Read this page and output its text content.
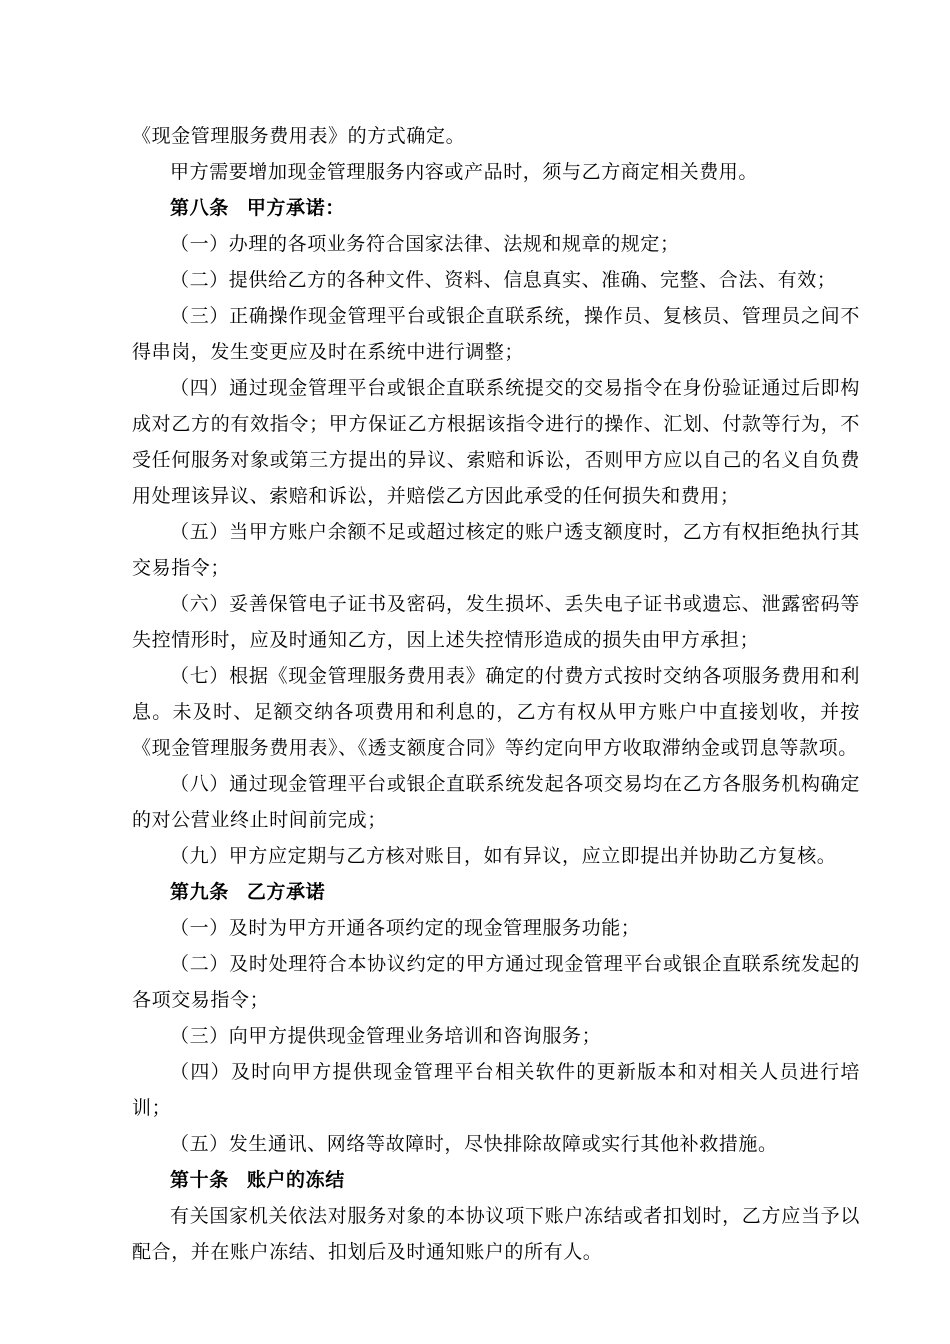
《现金管理服务费用表》的方式确定。

甲方需要增加现金管理服务内容或产品时，须与乙方商定相关费用。

第八条 甲方承诺：

（一）办理的各项业务符合国家法律、法规和规章的规定；

（二）提供给乙方的各种文件、资料、信息真实、准确、完整、合法、有效；

（三）正确操作现金管理平台或银企直联系统，操作员、复核员、管理员之间不得串岗，发生变更应及时在系统中进行调整；

（四）通过现金管理平台或银企直联系统提交的交易指令在身份验证通过后即构成对乙方的有效指令；甲方保证乙方根据该指令进行的操作、汇划、付款等行为，不受任何服务对象或第三方提出的异议、索赔和诉讼，否则甲方应以自己的名义自负费用处理该异议、索赔和诉讼，并赔偿乙方因此承受的任何损失和费用；

（五）当甲方账户余额不足或超过核定的账户透支额度时，乙方有权拒绝执行其交易指令；

（六）妥善保管电子证书及密码，发生损坏、丢失电子证书或遗忘、泄露密码等失控情形时，应及时通知乙方，因上述失控情形造成的损失由甲方承担；

（七）根据《现金管理服务费用表》确定的付费方式按时交纳各项服务费用和利息。未及时、足额交纳各项费用和利息的，乙方有权从甲方账户中直接划收，并按《现金管理服务费用表》、《透支额度合同》等约定向甲方收取滞纳金或罚息等款项。

（八）通过现金管理平台或银企直联系统发起各项交易均在乙方各服务机构确定的对公营业终止时间前完成；

（九）甲方应定期与乙方核对账目，如有异议，应立即提出并协助乙方复核。

第九条 乙方承诺

（一）及时为甲方开通各项约定的现金管理服务功能；

（二）及时处理符合本协议约定的甲方通过现金管理平台或银企直联系统发起的各项交易指令；

（三）向甲方提供现金管理业务培训和咨询服务；

（四）及时向甲方提供现金管理平台相关软件的更新版本和对相关人员进行培训；

（五）发生通讯、网络等故障时，尽快排除故障或实行其他补救措施。

第十条 账户的冻结

有关国家机关依法对服务对象的本协议项下账户冻结或者扣划时，乙方应当予以配合，并在账户冻结、扣划后及时通知账户的所有人。
